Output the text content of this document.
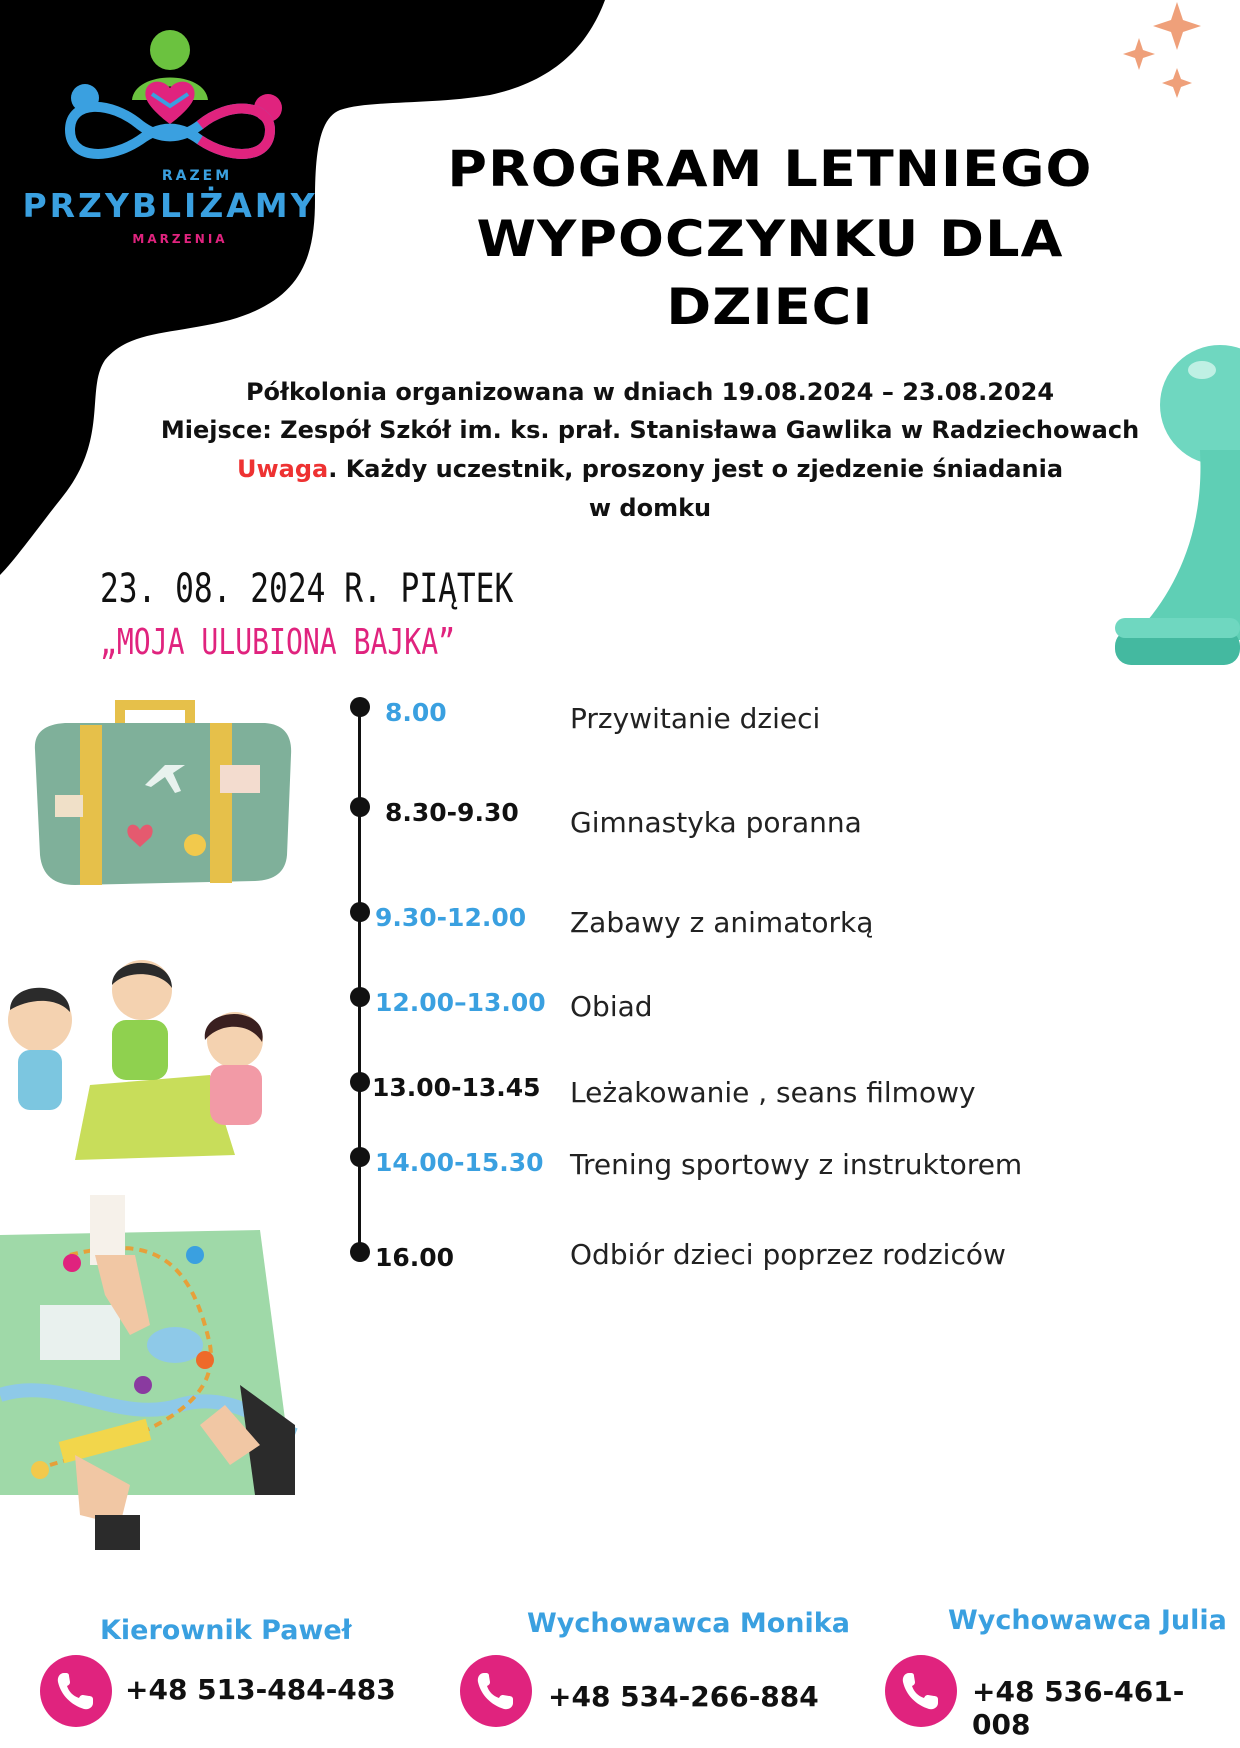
RAZEM
PRZYBLIŻAMY
MARZENIA
PROGRAM LETNIEGO
WYPOCZYNKU DLA
DZIECI
Półkolonia organizowana w dniach 19.08.2024 – 23.08.2024
Miejsce: Zespół Szkół im. ks. prał. Stanisława Gawlika w Radziechowach
Uwaga. Każdy uczestnik, proszony jest o zjedzenie śniadania
w domku
23. 08. 2024 R. PIĄTEK
„MOJA ULUBIONA BAJKA”
8.00	Przywitanie dzieci
8.30-9.30 Gimnastyka poranna
9.30-12.00 Zabawy z animatorką
12.00–13.00 Obiad
13.00-13.45 Leżakowanie , seans filmowy
14.00-15.30 Trening sportowy z instruktorem
16.00	Odbiór dzieci poprzez rodziców
Kierownik Paweł
+48 513-484-483
Wychowawca Monika
+48 534-266-884
Wychowawca Julia
+48 536-461-008
